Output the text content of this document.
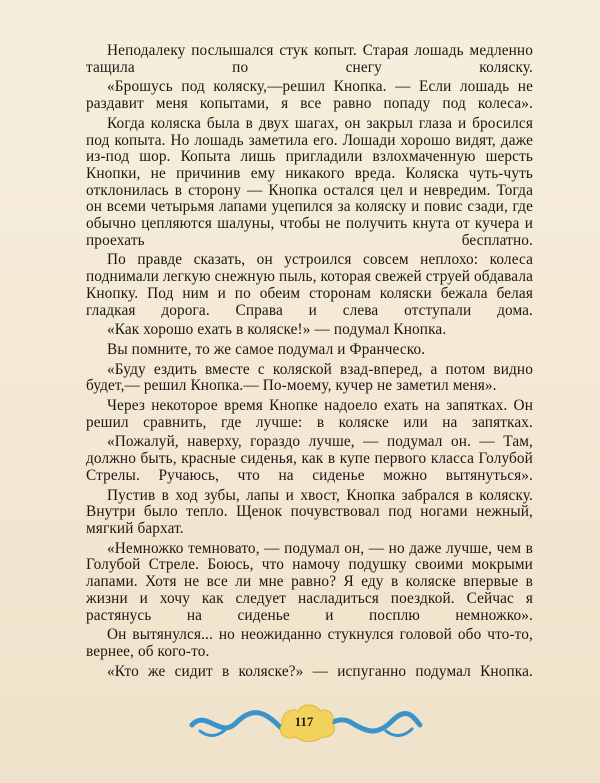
Неподалеку послышался стук копыт. Старая лошадь медленно тащила по снегу коляску.

«Брошусь под коляску,—решил Кнопка. — Если лошадь не раздавит меня копытами, я все равно попаду под колеса».

Когда коляска была в двух шагах, он закрыл глаза и бросился под копыта. Но лошадь заметила его. Лошади хорошо видят, даже из-под шор. Копыта лишь пригладили взлохмаченную шерсть Кнопки, не причинив ему никакого вреда. Коляска чуть-чуть отклонилась в сторону — Кнопка остался цел и невредим. Тогда он всеми четырьмя лапами уцепился за коляску и повис сзади, где обычно цепляются шалуны, чтобы не получить кнута от кучера и проехать бесплатно.

По правде сказать, он устроился совсем неплохо: колеса поднимали легкую снежную пыль, которая свежей струей обдавала Кнопку. Под ним и по обеим сторонам коляски бежала белая гладкая дорога. Справа и слева отступали дома.

«Как хорошо ехать в коляске!» — подумал Кнопка.

Вы помните, то же самое подумал и Франческо.

«Буду ездить вместе с коляской взад-вперед, а потом видно будет,— решил Кнопка.— По-моему, кучер не заметил меня».

Через некоторое время Кнопке надоело ехать на запятках. Он решил сравнить, где лучше: в коляске или на запятках.

«Пожалуй, наверху, гораздо лучше, — подумал он. — Там, должно быть, красные сиденья, как в купе первого класса Голубой Стрелы. Ручаюсь, что на сиденье можно вытянуться».

Пустив в ход зубы, лапы и хвост, Кнопка забрался в коляску. Внутри было тепло. Щенок почувствовал под ногами нежный, мягкий бархат.

«Немножко темновато, — подумал он, — но даже лучше, чем в Голубой Стреле. Боюсь, что намочу подушку своими мокрыми лапами. Хотя не все ли мне равно? Я еду в коляске впервые в жизни и хочу как следует насладиться поездкой. Сейчас я растянусь на сиденье и посплю немножко».

Он вытянулся... но неожиданно стукнулся головой обо что-то, вернее, об кого-то.

«Кто же сидит в коляске?» — испуганно подумал Кнопка.

117
